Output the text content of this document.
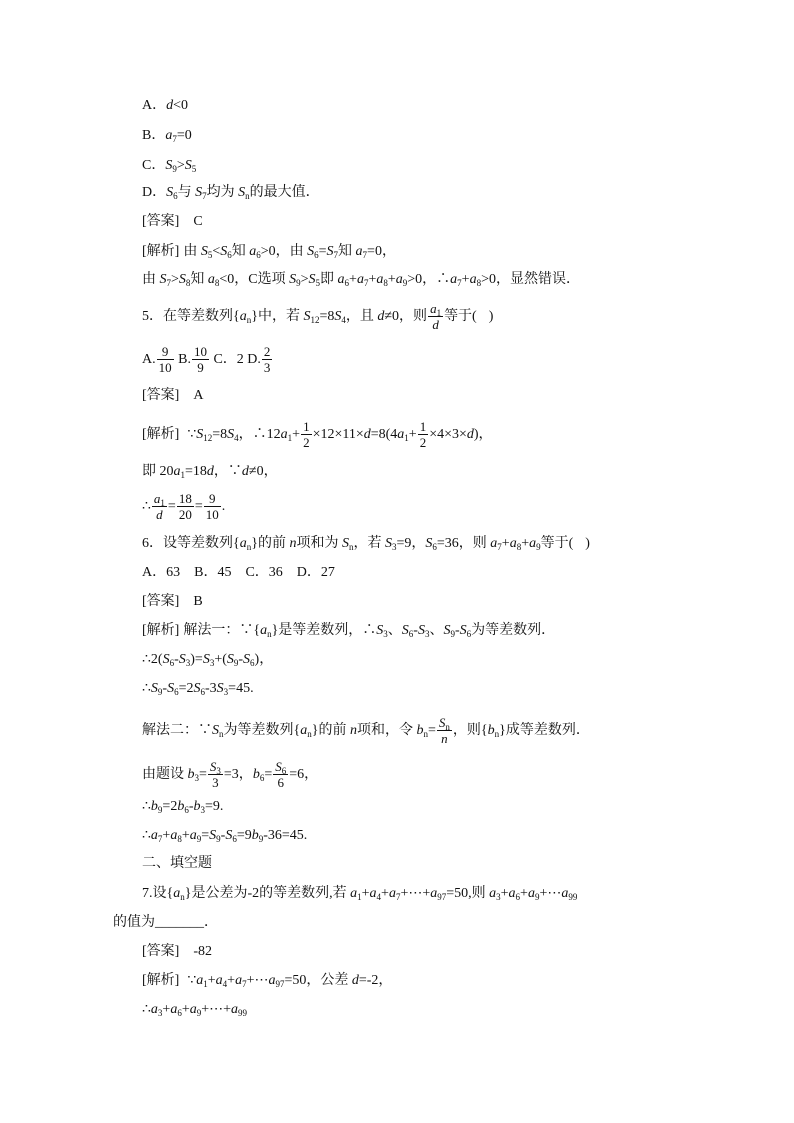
A．d<0
B．$a_7=0$
C．$S_9>S_5$
D．$S_6$与 $S_7$均为 $S_n$的最大值．
[答案]　C
[解析] 由 $S_5<S_6$知 $a_6>0$，由 $S_6=S_7$知 $a_7=0$，
由 $S_7>S_8$知 $a_8<0$，C选项 $S_9>S_5$即 $a_6+a_7+a_8+a_9>0$，$\therefore a_7+a_8>0$，显然错误．
5．在等差数列$\{a_n\}$中，若 $S_{12}=8S_4$，且 d≠0，则 $\frac{a_1}{d}$ 等于( )
A. $\frac{9}{10} B$. $\frac{10}{9}$ C．2 D. $\frac{2}{3}$
[答案]　A
[解析] $\because S_{12}=8S_4$，$\therefore 12a_1+ \frac{1}{2} \times 12\times 11\times d=8(4a_1+ \frac{1}{2} \times 4\times 3\times d)$，
即 $20a_1=18d$，∵d≠0，
∴ $\frac{a_1}{d} = \frac{18}{20} = \frac{9}{10}$ .
6．设等差数列$\{a_n\}$的前 n项和为 $S_n$，若 $S_3=9$，$S_6=36$，则 $a_7+a_8+a_9$等于( )
A．63　B．45　C．36　D．27
[答案]　B
[解析] 解法一：$\because\{a_n\}$是等差数列，$\therefore S_3$、$S_6-S_3$、$S_9-S_6$为等差数列．
$\therefore 2(S_6-S_3)=S_3+(S_9-S_6)$，
$\therefore S_9-S_6=2S_6-3S_3=45$.
解法二：$\because S_n$为等差数列$\{a_n\}$的前 n项和，令 $b_n= \frac{S_n}{n}$ ，则$\{b_n\}$成等差数列．
由题设 $b_3= \frac{S_3}{3} =3$，$b_6= \frac{S_6}{6} =6$，
$\therefore b_9=2b_6-b_3=9$.
$\therefore a_7+a_8+a_9=S_9-S_6=9b_9-36=45$.
二、填空题
7.设$\{a_n\}$是公差为-2的等差数列,若 $a_1+a_4+a_7+\cdots+a_{97}=50$,则 $a_3+a_6+a_9+\cdots a_{99}$
的值为_______．
[答案]　-82
[解析] $\because a_1+a_4+a_7+\cdots a_{97}=50$，公差 d=-2，
$\therefore a_3+a_6+a_9+\cdots+a_{99}$
